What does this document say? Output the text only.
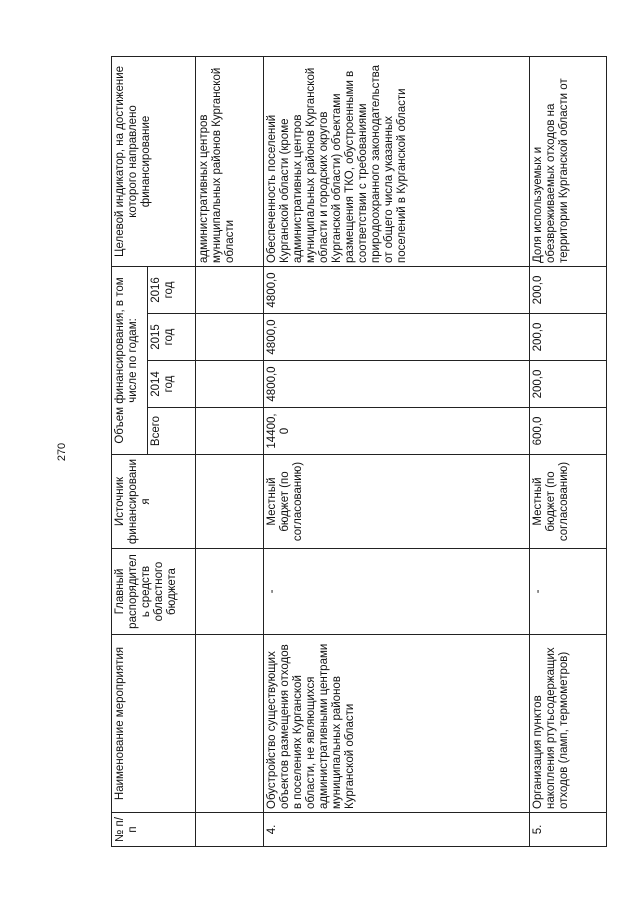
270
№ п/п	Наименование мероприятия	Главный распорядитель средств областного бюджета	Источник финансирования	Объем финансирования, в том числе по годам:				Целевой индикатор, на достижение которого направлено финансирование
				Всего	2014 год	2015 год	2016 год	
								административных центров муниципальных районов Курганской области
4.	Обустройство существующих объектов размещения отходов в поселениях Курганской области, не являющихся административными центрами муниципальных районов Курганской области	-	Местный бюджет (по согласованию)	14400,0	4800,0	4800,0	4800,0	Обеспеченность поселений Курганской области (кроме административных центров муниципальных районов Курганской области и городских округов Курганской области) объектами размещения ТКО, обустроенными в соответствии с требованиями природоохранного законодательства от общего числа указанных поселений в Курганской области
5.	Организация пунктов накопления ртутьсодержащих отходов (ламп, термометров)	-	Местный бюджет (по согласованию)	600,0	200,0	200,0	200,0	Доля используемых и обезвреживаемых отходов на территории Курганской области от
